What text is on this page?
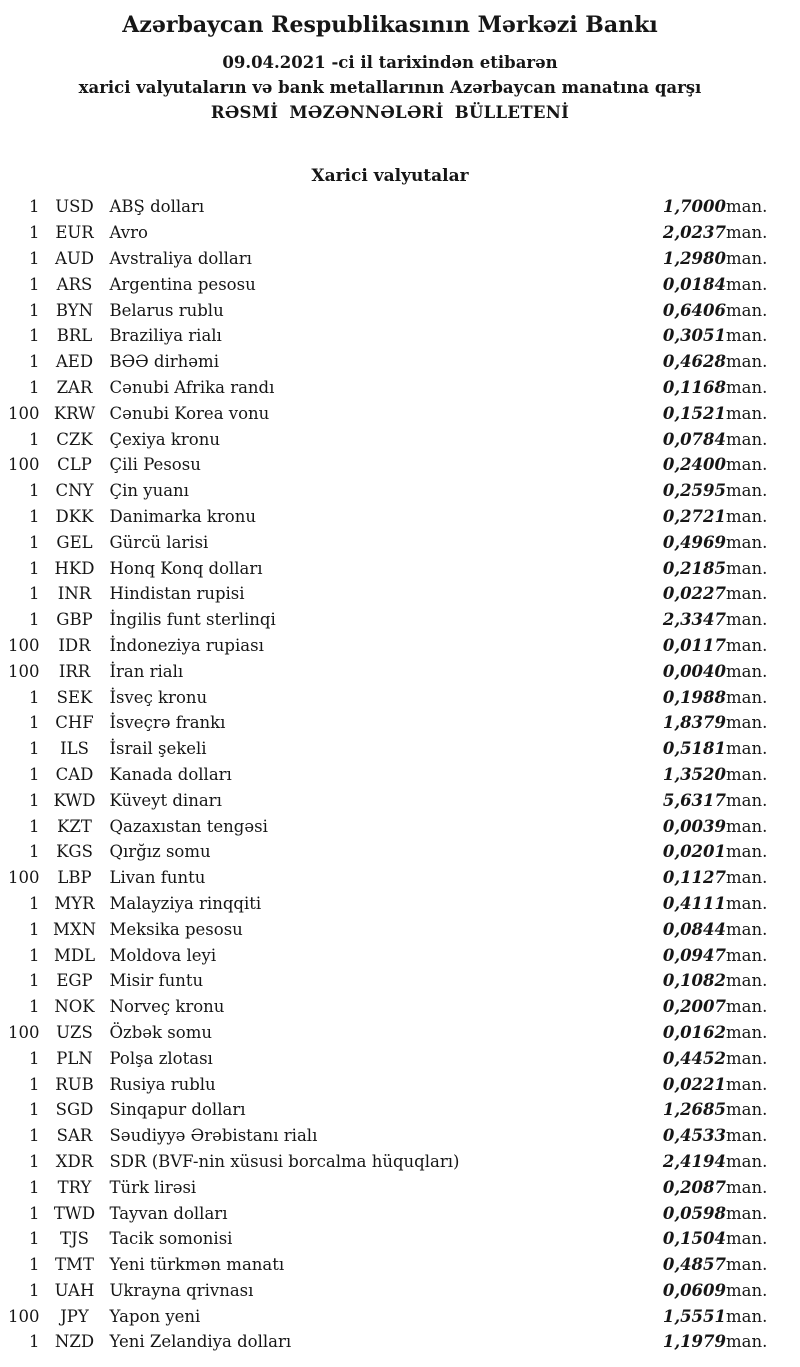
Azərbaycan Respublikasının Mərkəzi Bankı
09.04.2021 -ci il tarixindən etibarən
xarici valyutaların və bank metallarının Azərbaycan manatına qarşı
RƏSMİ MƏZƏNNƏLƏRİ BÜLLETENİ
Xarici valyutalar
1	USD	ABŞ dolları	1,7000	man.
1	EUR	Avro	2,0237	man.
1	AUD	Avstraliya dolları	1,2980	man.
1	ARS	Argentina pesosu	0,0184	man.
1	BYN	Belarus rublu	0,6406	man.
1	BRL	Braziliya rialı	0,3051	man.
1	AED	BƏƏ dirhəmi	0,4628	man.
1	ZAR	Cənubi Afrika randı	0,1168	man.
100	KRW	Cənubi Korea vonu	0,1521	man.
1	CZK	Çexiya kronu	0,0784	man.
100	CLP	Çili Pesosu	0,2400	man.
1	CNY	Çin yuanı	0,2595	man.
1	DKK	Danimarka kronu	0,2721	man.
1	GEL	Gürcü larisi	0,4969	man.
1	HKD	Honq Konq dolları	0,2185	man.
1	INR	Hindistan rupisi	0,0227	man.
1	GBP	İngilis funt sterlinqi	2,3347	man.
100	IDR	İndoneziya rupiası	0,0117	man.
100	IRR	İran rialı	0,0040	man.
1	SEK	İsveç kronu	0,1988	man.
1	CHF	İsveçrə frankı	1,8379	man.
1	ILS	İsrail şekeli	0,5181	man.
1	CAD	Kanada dolları	1,3520	man.
1	KWD	Küveyt dinarı	5,6317	man.
1	KZT	Qazaxıstan tengəsi	0,0039	man.
1	KGS	Qırğız somu	0,0201	man.
100	LBP	Livan funtu	0,1127	man.
1	MYR	Malayziya rinqqiti	0,4111	man.
1	MXN	Meksika pesosu	0,0844	man.
1	MDL	Moldova leyi	0,0947	man.
1	EGP	Misir funtu	0,1082	man.
1	NOK	Norveç kronu	0,2007	man.
100	UZS	Özbək somu	0,0162	man.
1	PLN	Polşa zlotası	0,4452	man.
1	RUB	Rusiya rublu	0,0221	man.
1	SGD	Sinqapur dolları	1,2685	man.
1	SAR	Səudiyyə Ərəbistanı rialı	0,4533	man.
1	XDR	SDR (BVF-nin xüsusi borcalma hüquqları)	2,4194	man.
1	TRY	Türk lirəsi	0,2087	man.
1	TWD	Tayvan dolları	0,0598	man.
1	TJS	Tacik somonisi	0,1504	man.
1	TMT	Yeni türkmən manatı	0,4857	man.
1	UAH	Ukrayna qrivnası	0,0609	man.
100	JPY	Yapon yeni	1,5551	man.
1	NZD	Yeni Zelandiya dolları	1,1979	man.
